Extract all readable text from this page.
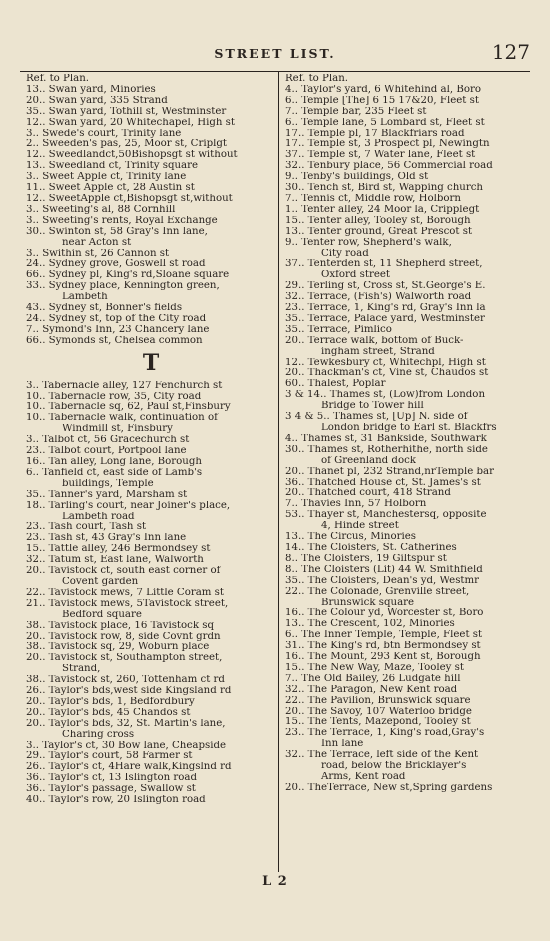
STREET LIST.	127
Ref. to Plan.
13.. Swan yard, Minories
20.. Swan yard, 335 Strand
35.. Swan yard, Tothill st, Westminster
12.. Swan yard, 20 Whitechapel, High st
3.. Swede's court, Trinity lane
2.. Sweeden's pas, 25, Moor st, Criplgt
12.. Sweedlandct,50Bishopsgt st without
13.. Sweedland ct, Trinity square
3.. Sweet Apple ct, Trinity lane
11.. Sweet Apple ct, 28 Austin st
12.. SweetApple ct,Bishopsgt st,without
3.. Sweeting's al, 88 Cornhill
3.. Sweeting's rents, Royal Exchange
30.. Swinton st, 58 Gray's Inn lane,
near Acton st
3.. Swithin st, 26 Cannon st
24.. Sydney grove, Goswell st road
66.. Sydney pl, King's rd,Sloane square
33.. Sydney place, Kennington green,
Lambeth
43.. Sydney st, Bonner's fields
24.. Sydney st, top of the City road
7.. Symond's Inn, 23 Chancery lane
66.. Symonds st, Chelsea common
T
3.. Tabernacle alley, 127 Fenchurch st
10.. Tabernacle row, 35, City road
10.. Tabernacle sq, 62, Paul st,Finsbury
10.. Tabernacle walk, continuation of
Windmill st, Finsbury
3.. Talbot ct, 56 Gracechurch st
23.. Talbot court, Portpool lane
16.. Tan alley, Long lane, Borough
6.. Tanfield ct, east side of Lamb's
buildings, Temple
35.. Tanner's yard, Marsham st
18.. Tarling's court, near Joiner's place,
Lambeth road
23.. Tash court, Tash st
23.. Tash st, 43 Gray's Inn lane
15.. Tattle alley, 246 Bermondsey st
32.. Tatum st, East lane, Walworth
20.. Tavistock ct, south east corner of
Covent garden
22.. Tavistock mews, 7 Little Coram st
21.. Tavistock mews, 5Tavistock street,
Bedford square
38.. Tavistock place, 16 Tavistock sq
20.. Tavistock row, 8, side Covnt grdn
38.. Tavistock sq, 29, Woburn place
20.. Tavistock st, Southampton street,
Strand,
38.. Tavistock st, 260, Tottenham ct rd
26.. Taylor's bds,west side Kingsland rd
20.. Taylor's bds, 1, Bedfordbury
20.. Taylor's bds, 45 Chandos st
20.. Taylor's bds, 32, St. Martin's lane,
Charing cross
3.. Taylor's ct, 30 Bow lane, Cheapside
29.. Taylor's court, 58 Farmer st
26.. Taylor's ct, 4Hare walk,Kingslnd rd
36.. Taylor's ct, 13 Islington road
36.. Taylor's passage, Swallow st
40.. Taylor's row, 20 Islington road
Ref. to Plan.
4.. Taylor's yard, 6 Whitehind al, Boro
6.. Temple [The] 6 15 17&20, Fleet st
7.. Temple bar, 235 Fleet st
6.. Temple lane, 5 Lombard st, Fleet st
17.. Temple pl, 17 Blackfriars road
17.. Temple st, 3 Prospect pl, Newingtn
37.. Temple st, 7 Water lane, Fleet st
32.. Tenbury place, 56 Commercial road
9.. Tenby's buildings, Old st
30.. Tench st, Bird st, Wapping church
7.. Tennis ct, Middle row, Holborn
1.. Tenter alley, 24 Moor la, Cripplegt
15.. Tenter alley, Tooley st, Borough
13.. Tenter ground, Great Prescot st
9.. Tenter row, Shepherd's walk,
City road
37.. Tenterden st, 11 Shepherd street,
Oxford street
29.. Terling st, Cross st, St.George's E.
32.. Terrace, (Fish's) Walworth road
23.. Terrace, 1, King's rd, Gray's Inn la
35.. Terrace, Palace yard, Westminster
35.. Terrace, Pimlico
20.. Terrace walk, bottom of Buck-
ingham street, Strand
12.. Tewkesbury ct, Whitechpl, High st
20.. Thackman's ct, Vine st, Chaudos st
60.. Thalest, Poplar
3 & 14.. Thames st, (Low)from London
Bridge to Tower hill
3 4 & 5.. Thames st, [Up] N. side of
London bridge to Earl st. Blackfrs
4.. Thames st, 31 Bankside, Southwark
30.. Thames st, Rotherhithe, north side
of Greenland dock
20.. Thanet pl, 232 Strand,nrTemple bar
36.. Thatched House ct, St. James's st
20.. Thatched court, 418 Strand
7.. Thavies Inn, 57 Holborn
53.. Thayer st, Manchestersq, opposite
4, Hinde street
13.. The Circus, Minories
14.. The Cloisters, St. Catherines
8.. The Cloisters, 19 Giltspur st
8.. The Cloisters (Lit) 44 W. Smithfield
35.. The Cloisters, Dean's yd, Westmr
22.. The Colonade, Grenville street,
Brunswick square
16.. The Colour yd, Worcester st, Boro
13.. The Crescent, 102, Minories
6.. The Inner Temple, Temple, Fleet st
31.. The King's rd, btn Bermondsey st
16.. The Mount, 293 Kent st, Borough
15.. The New Way, Maze, Tooley st
7.. The Old Bailey, 26 Ludgate hill
32.. The Paragon, New Kent road
22.. The Pavilion, Brunswick square
20.. The Savoy, 107 Waterloo bridge
15.. The Tents, Mazepond, Tooley st
23.. The Terrace, 1, King's road,Gray's
Inn lane
32.. The Terrace, left side of the Kent
road, below the Bricklayer's
Arms, Kent road
20.. TheTerrace, New st,Spring gardens
L 2
